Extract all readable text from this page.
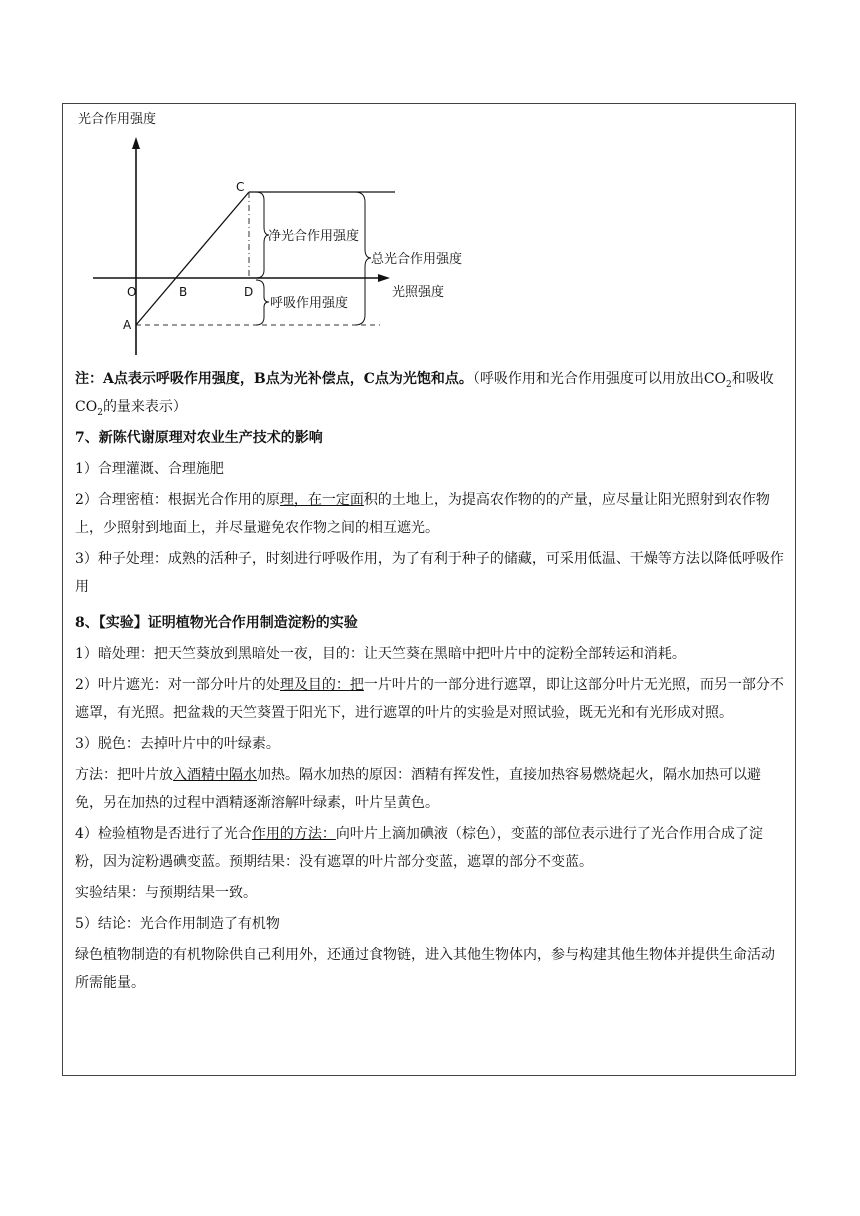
光合作用强度
光照强度
O
A
B
C
D
净光合作用强度
总光合作用强度
呼吸作用强度

注：A点表示呼吸作用强度，B点为光补偿点，C点为光饱和点。（呼吸作用和光合作用强度可以用放出$CO_2$和吸收$CO_2$的量来表示）

7、新陈代谢原理对农业生产技术的影响

1）合理灌溉、合理施肥

2）合理密植：根据光合作用的原理，在一定面积的土地上，为提高农作物的的产量，应尽量让阳光照射到农作物上，少照射到地面上，并尽量避免农作物之间的相互遮光。

3）种子处理：成熟的活种子，时刻进行呼吸作用，为了有利于种子的储藏，可采用低温、干燥等方法以降低呼吸作用

8、【实验】证明植物光合作用制造淀粉的实验

1）暗处理：把天竺葵放到黑暗处一夜，目的：让天竺葵在黑暗中把叶片中的淀粉全部转运和消耗。

2）叶片遮光：对一部分叶片的处理及目的：把一片叶片的一部分进行遮罩，即让这部分叶片无光照，而另一部分不遮罩，有光照。把盆栽的天竺葵置于阳光下，进行遮罩的叶片的实验是对照试验，既无光和有光形成对照。

3）脱色：去掉叶片中的叶绿素。

方法：把叶片放入酒精中隔水加热。隔水加热的原因：酒精有挥发性，直接加热容易燃烧起火，隔水加热可以避免，另在加热的过程中酒精逐渐溶解叶绿素，叶片呈黄色。

4）检验植物是否进行了光合作用的方法：向叶片上滴加碘液（棕色），变蓝的部位表示进行了光合作用合成了淀粉，因为淀粉遇碘变蓝。预期结果：没有遮罩的叶片部分变蓝，遮罩的部分不变蓝。

实验结果：与预期结果一致。

5）结论：光合作用制造了有机物

绿色植物制造的有机物除供自己利用外，还通过食物链，进入其他生物体内，参与构建其他生物体并提供生命活动所需能量。
